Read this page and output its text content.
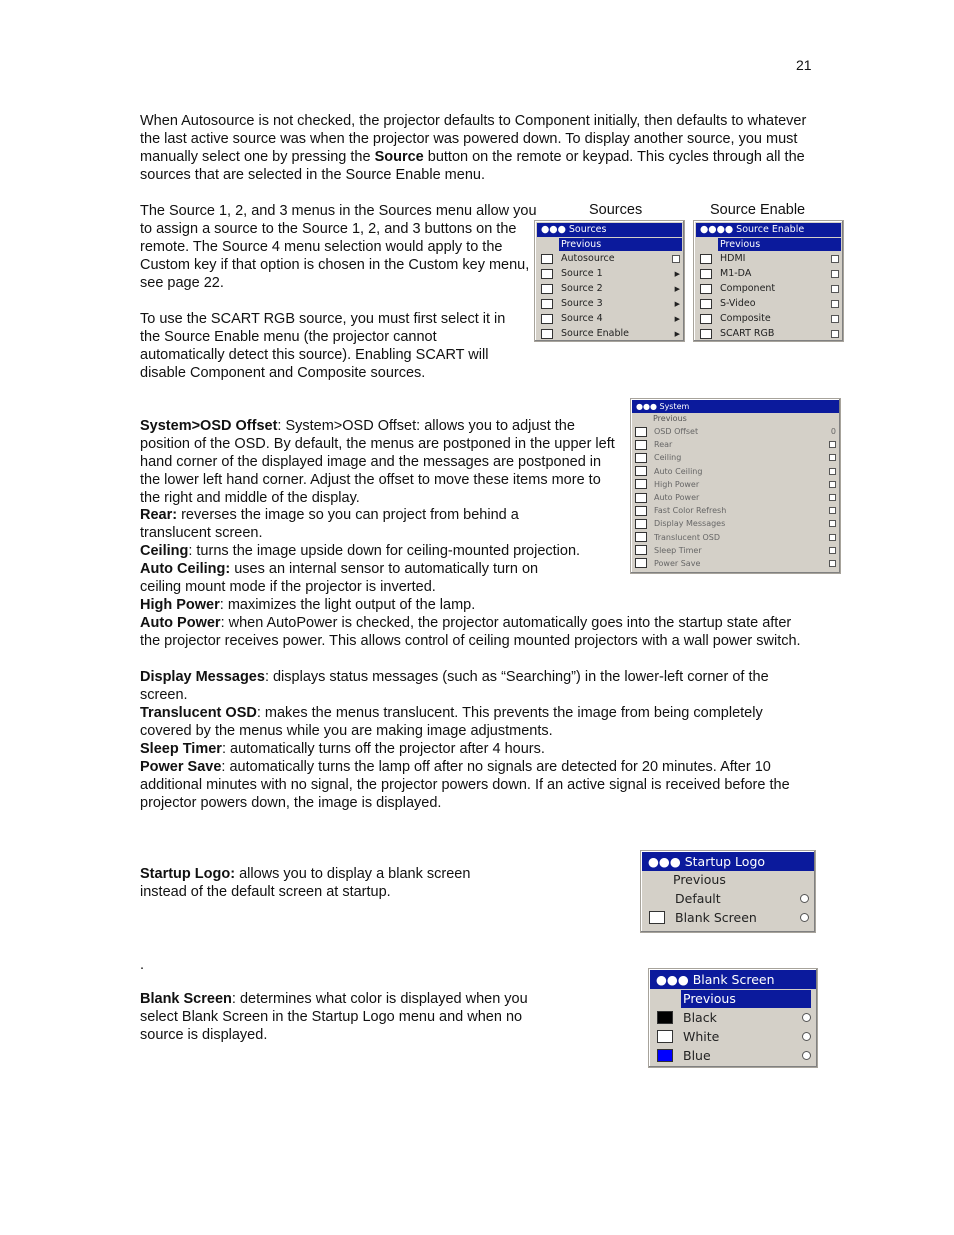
21

When Autosource is not checked, the projector defaults to Component initially, then defaults to whatever the last active source was when the projector was powered down. To display another source, you must manually select one by pressing the Source button on the remote or keypad. This cycles through all the sources that are selected in the Source Enable menu.

The Source 1, 2, and 3 menus in the Sources menu allow you to assign a source to the Source 1, 2, and 3 buttons on the remote. The Source 4 menu selection would apply to the Custom key if that option is chosen in the Custom key menu, see page 22.

To use the SCART RGB source, you must first select it in the Source Enable menu (the projector cannot automatically detect this source). Enabling SCART will disable Component and Composite sources.

System>OSD Offset: System>OSD Offset: allows you to adjust the position of the OSD. By default, the menus are postponed in the upper left hand corner of the displayed image and the messages are postponed in the lower left hand corner. Adjust the offset to move these items more to the right and middle of the display.

Rear: reverses the image so you can project from behind a translucent screen.

Ceiling: turns the image upside down for ceiling-mounted projection.

Auto Ceiling: uses an internal sensor to automatically turn on ceiling mount mode if the projector is inverted.

High Power: maximizes the light output of the lamp.

Auto Power: when AutoPower is checked, the projector automatically goes into the startup state after the projector receives power. This allows control of ceiling mounted projectors with a wall power switch.

Display Messages: displays status messages (such as “Searching”) in the lower-left corner of the screen.

Translucent OSD: makes the menus translucent. This prevents the image from being completely covered by the menus while you are making image adjustments.

Sleep Timer: automatically turns off the projector after 4 hours.

Power Save: automatically turns the lamp off after no signals are detected for 20 minutes. After 10 additional minutes with no signal, the projector powers down. If an active signal is received before the projector powers down, the image is displayed.

Startup Logo: allows you to display a blank screen instead of the default screen at startup.

.

Blank Screen: determines what color is displayed when you select Blank Screen in the Startup Logo menu and when no source is displayed.

Sources
●●● Sources
Previous
Autosource
Source 1	▶
Source 2	▶
Source 3	▶
Source 4	▶
Source Enable	▶
Source Enable
●●●● Source Enable
Previous
HDMI
M1-DA
Component
S-Video
Composite
SCART RGB
●●● System
Previous
OSD Offset	0
Rear
Ceiling
Auto Ceiling
High Power
Auto Power
Fast Color Refresh
Display Messages
Translucent OSD
Sleep Timer
Power Save
●●● Startup Logo
Previous
Default
Blank Screen
●●● Blank Screen
Previous
Black
White
Blue
